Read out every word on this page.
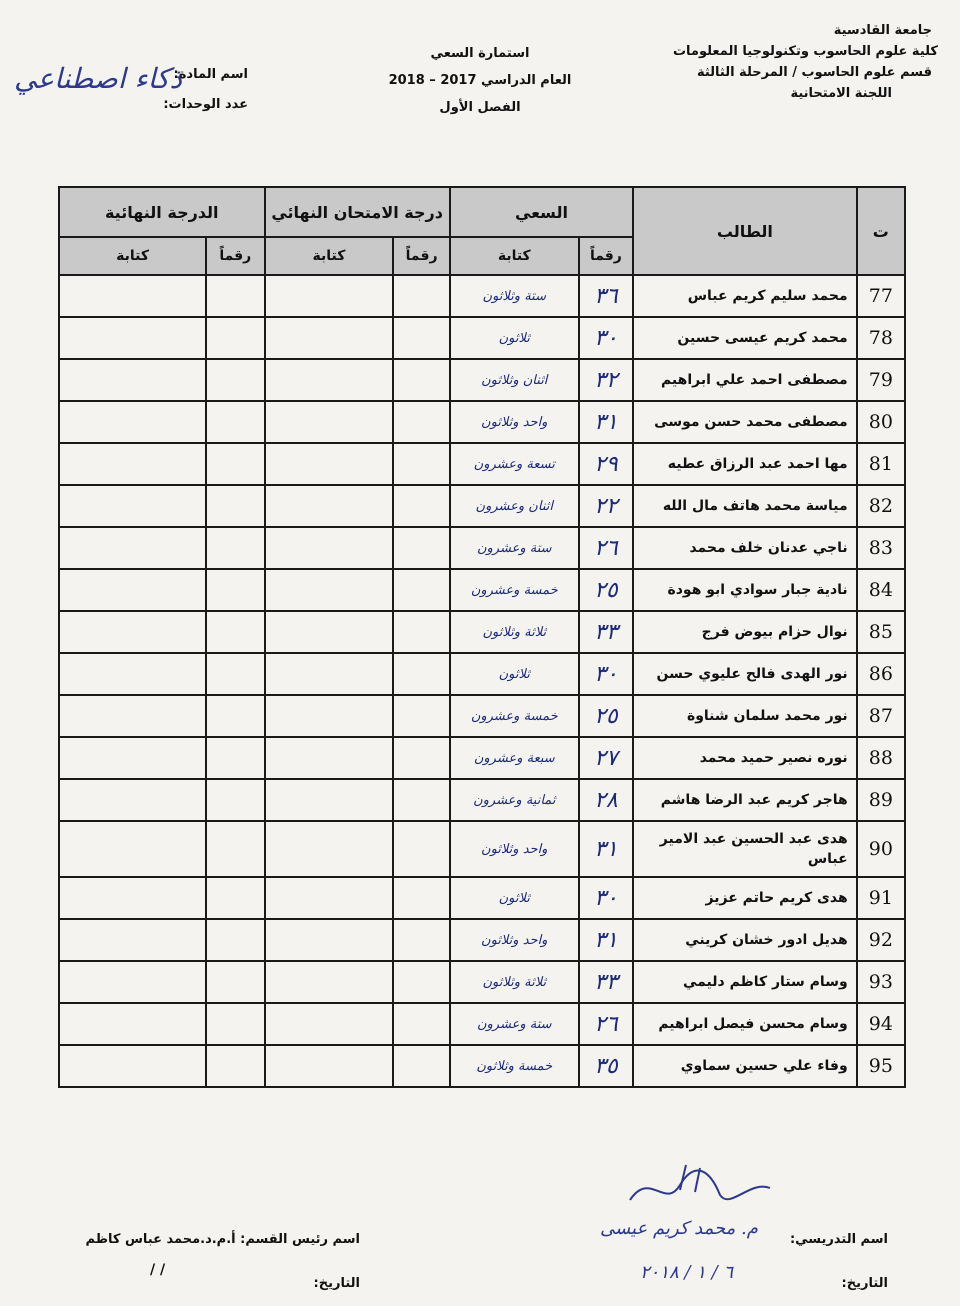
جامعة القادسية
كلية علوم الحاسوب وتكنولوجيا المعلومات
قسم علوم الحاسوب / المرحلة الثالثة
اللجنة الامتحانية
استمارة السعي
العام الدراسي 2017 – 2018
الفصل الأول
اسم المادة:
عدد الوحدات:
ذكاء اصطناعي
ت	الطالب	السعي		درجة الامتحان النهائي		الدرجة النهائية	
		رقماً	كتابة	رقماً	كتابة	رقماً	كتابة
77	محمد سليم كريم عباس	٣٦	ستة وثلاثون				
78	محمد كريم عيسى حسين	٣٠	ثلاثون				
79	مصطفى احمد علي ابراهيم	٣٢	اثنان وثلاثون				
80	مصطفى محمد حسن موسى	٣١	واحد وثلاثون				
81	مها احمد عبد الرزاق عطيه	٢٩	تسعة وعشرون				
82	مياسة محمد هاتف مال الله	٢٢	اثنان وعشرون				
83	ناجي عدنان خلف محمد	٢٦	ستة وعشرون				
84	نادية جبار سوادي ابو هودة	٢٥	خمسة وعشرون				
85	نوال حزام بيوض فرج	٣٣	ثلاثة وثلاثون				
86	نور الهدى فالح عليوي حسن	٣٠	ثلاثون				
87	نور محمد سلمان شناوة	٢٥	خمسة وعشرون				
88	نوره نصير حميد محمد	٢٧	سبعة وعشرون				
89	هاجر كريم عبد الرضا هاشم	٢٨	ثمانية وعشرون				
90	هدى عبد الحسين عبد الامير عباس	٣١	واحد وثلاثون				
91	هدى كريم حاتم عزيز	٣٠	ثلاثون				
92	هديل ادور خشان كريني	٣١	واحد وثلاثون				
93	وسام ستار كاظم دليمي	٣٣	ثلاثة وثلاثون				
94	وسام محسن فيصل ابراهيم	٢٦	ستة وعشرون				
95	وفاء علي حسين سماوي	٣٥	خمسة وثلاثون				
اسم التدريسي:
التاريخ:
م. محمد كريم عيسى
٦ / ١ / ٢٠١٨
اسم رئيس القسم: أ.م.د.محمد عباس كاظم
التاريخ:
/ /
